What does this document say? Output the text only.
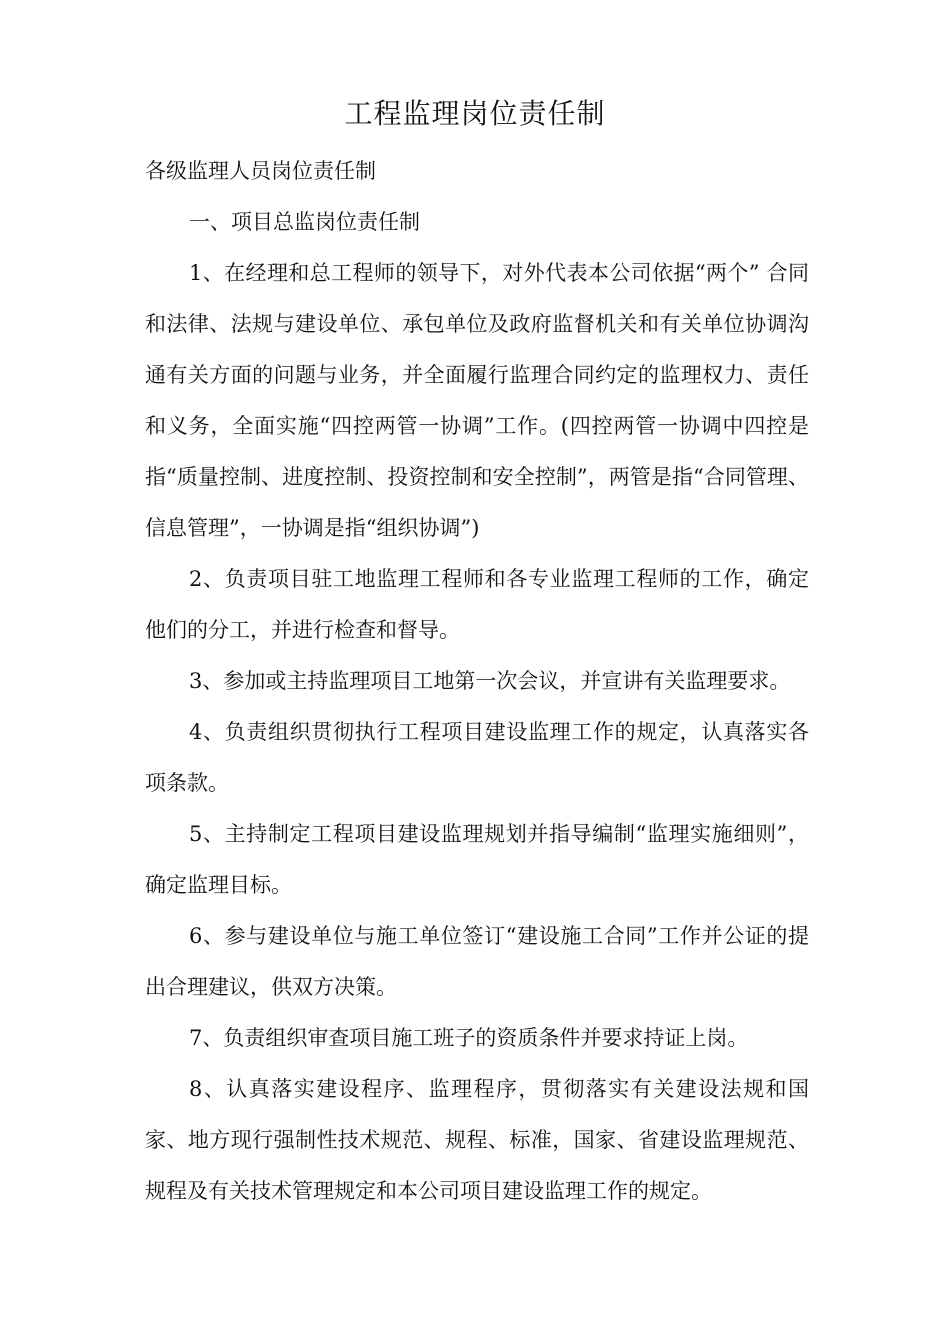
工程监理岗位责任制

各级监理人员岗位责任制

一、项目总监岗位责任制

1、在经理和总工程师的领导下，对外代表本公司依据“两个” 合同和法律、法规与建设单位、承包单位及政府监督机关和有关单位协调沟通有关方面的问题与业务，并全面履行监理合同约定的监理权力、责任和义务，全面实施“四控两管一协调”工作。(四控两管一协调中四控是指“质量控制、进度控制、投资控制和安全控制”，两管是指“合同管理、信息管理”，一协调是指“组织协调”)

2、负责项目驻工地监理工程师和各专业监理工程师的工作，确定他们的分工，并进行检查和督导。

3、参加或主持监理项目工地第一次会议，并宣讲有关监理要求。

4、负责组织贯彻执行工程项目建设监理工作的规定，认真落实各项条款。

5、主持制定工程项目建设监理规划并指导编制“监理实施细则”，确定监理目标。

6、参与建设单位与施工单位签订“建设施工合同”工作并公证的提出合理建议，供双方决策。

7、负责组织审查项目施工班子的资质条件并要求持证上岗。

8、认真落实建设程序、监理程序，贯彻落实有关建设法规和国家、地方现行强制性技术规范、规程、标准，国家、省建设监理规范、规程及有关技术管理规定和本公司项目建设监理工作的规定。
